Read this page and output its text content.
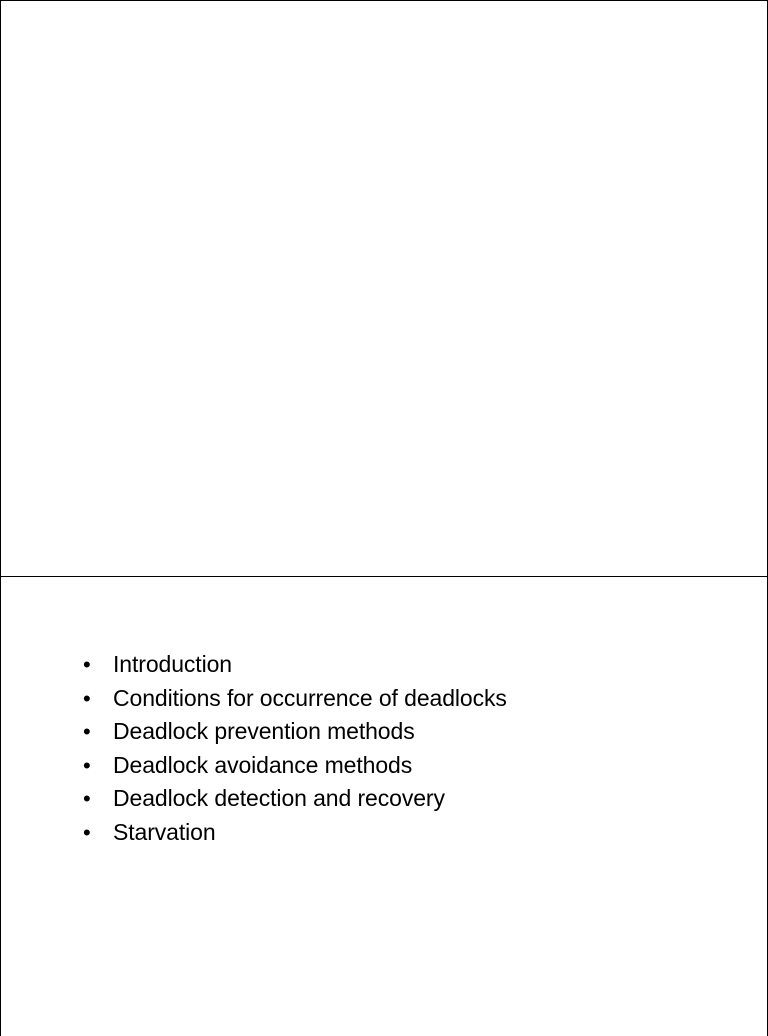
• Introduction
• Conditions for occurrence of deadlocks
• Deadlock prevention methods
• Deadlock avoidance methods
• Deadlock detection and recovery
• Starvation
